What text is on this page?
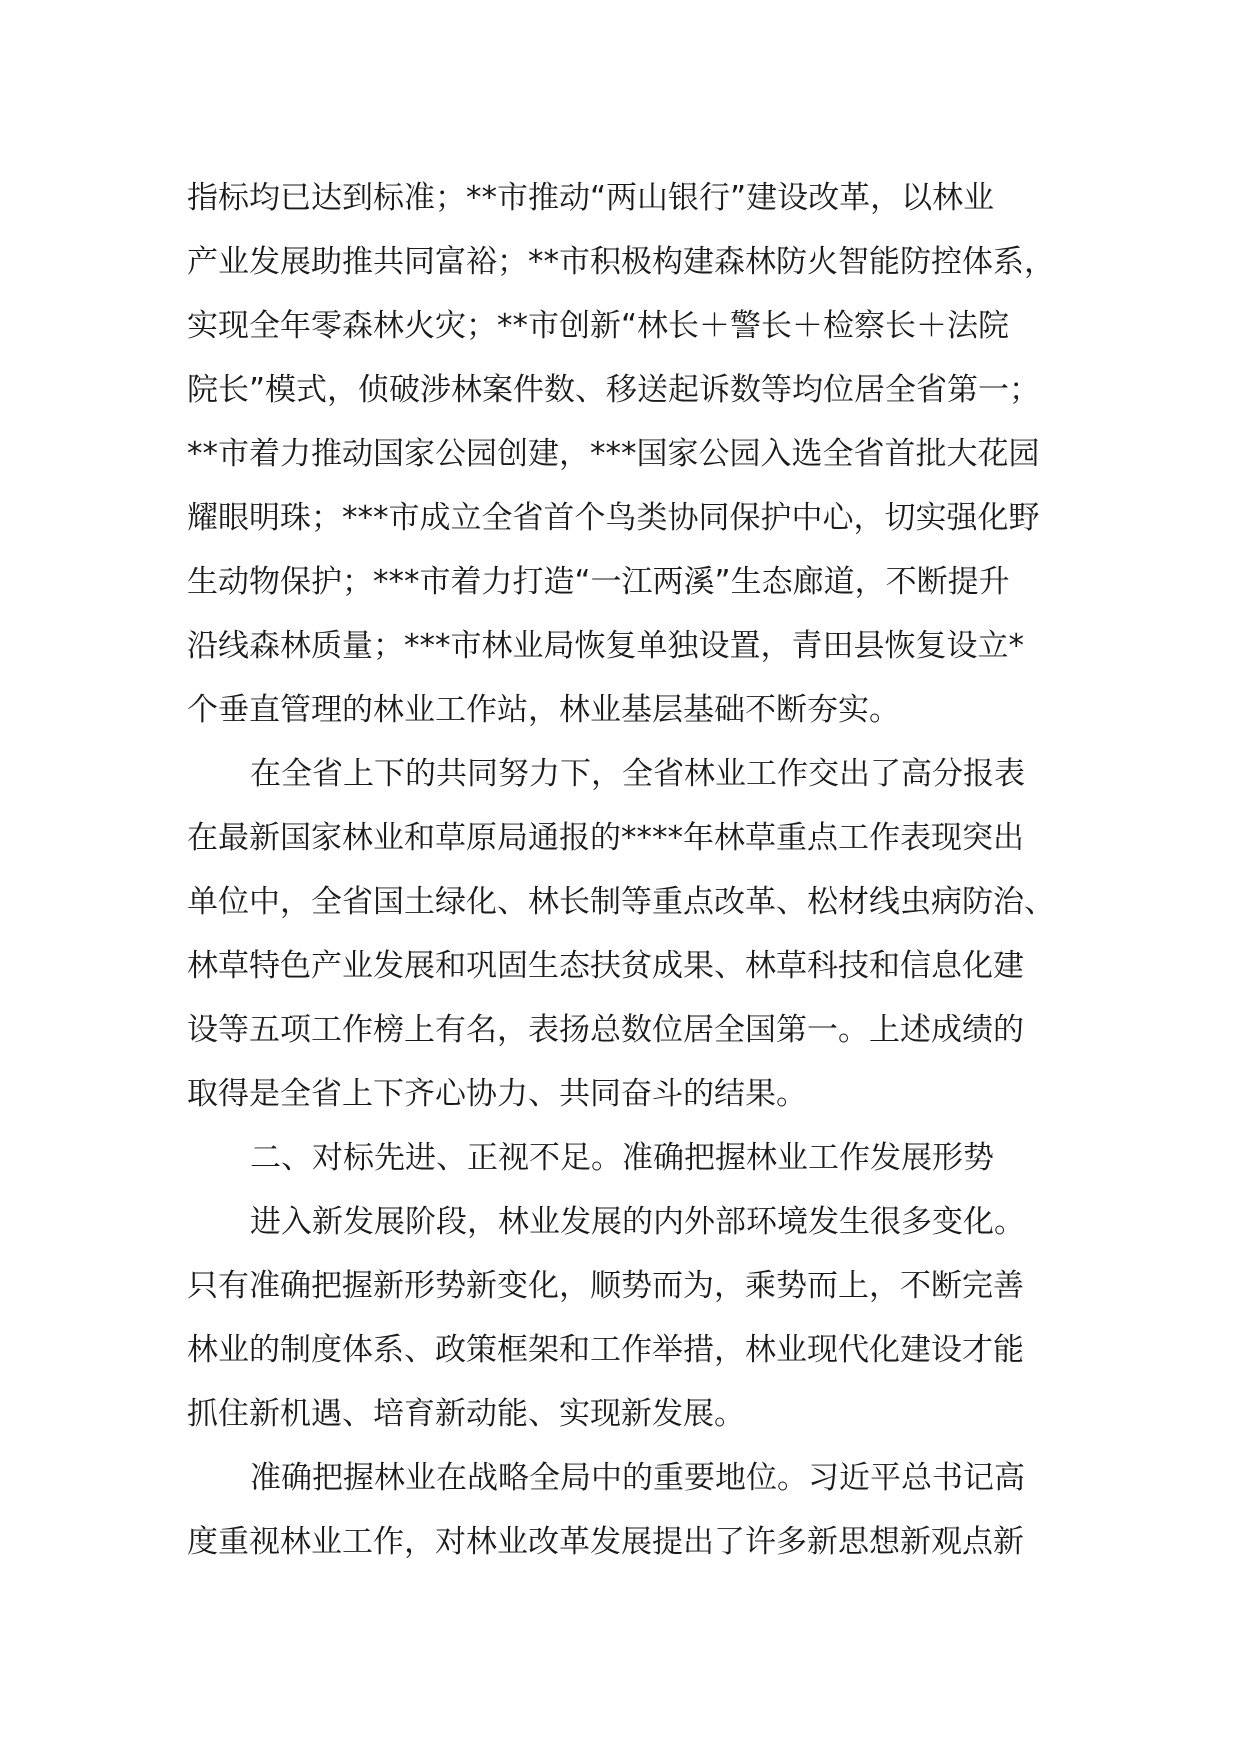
指标均已达到标准；**市推动“两山银行”建设改革，以林业
产业发展助推共同富裕；**市积极构建森林防火智能防控体系，
实现全年零森林火灾；**市创新“林长＋警长＋检察长＋法院
院长”模式，侦破涉林案件数、移送起诉数等均位居全省第一；
**市着力推动国家公园创建，***国家公园入选全省首批大花园
耀眼明珠；***市成立全省首个鸟类协同保护中心，切实强化野
生动物保护；***市着力打造“一江两溪”生态廊道，不断提升
沿线森林质量；***市林业局恢复单独设置，青田县恢复设立*
个垂直管理的林业工作站，林业基层基础不断夯实。
在全省上下的共同努力下，全省林业工作交出了高分报表
在最新国家林业和草原局通报的****年林草重点工作表现突出
单位中，全省国土绿化、林长制等重点改革、松材线虫病防治、
林草特色产业发展和巩固生态扶贫成果、林草科技和信息化建
设等五项工作榜上有名，表扬总数位居全国第一。上述成绩的
取得是全省上下齐心协力、共同奋斗的结果。
二、对标先进、正视不足。准确把握林业工作发展形势
进入新发展阶段，林业发展的内外部环境发生很多变化。
只有准确把握新形势新变化，顺势而为，乘势而上，不断完善
林业的制度体系、政策框架和工作举措，林业现代化建设才能
抓住新机遇、培育新动能、实现新发展。
准确把握林业在战略全局中的重要地位。习近平总书记高
度重视林业工作，对林业改革发展提出了许多新思想新观点新
